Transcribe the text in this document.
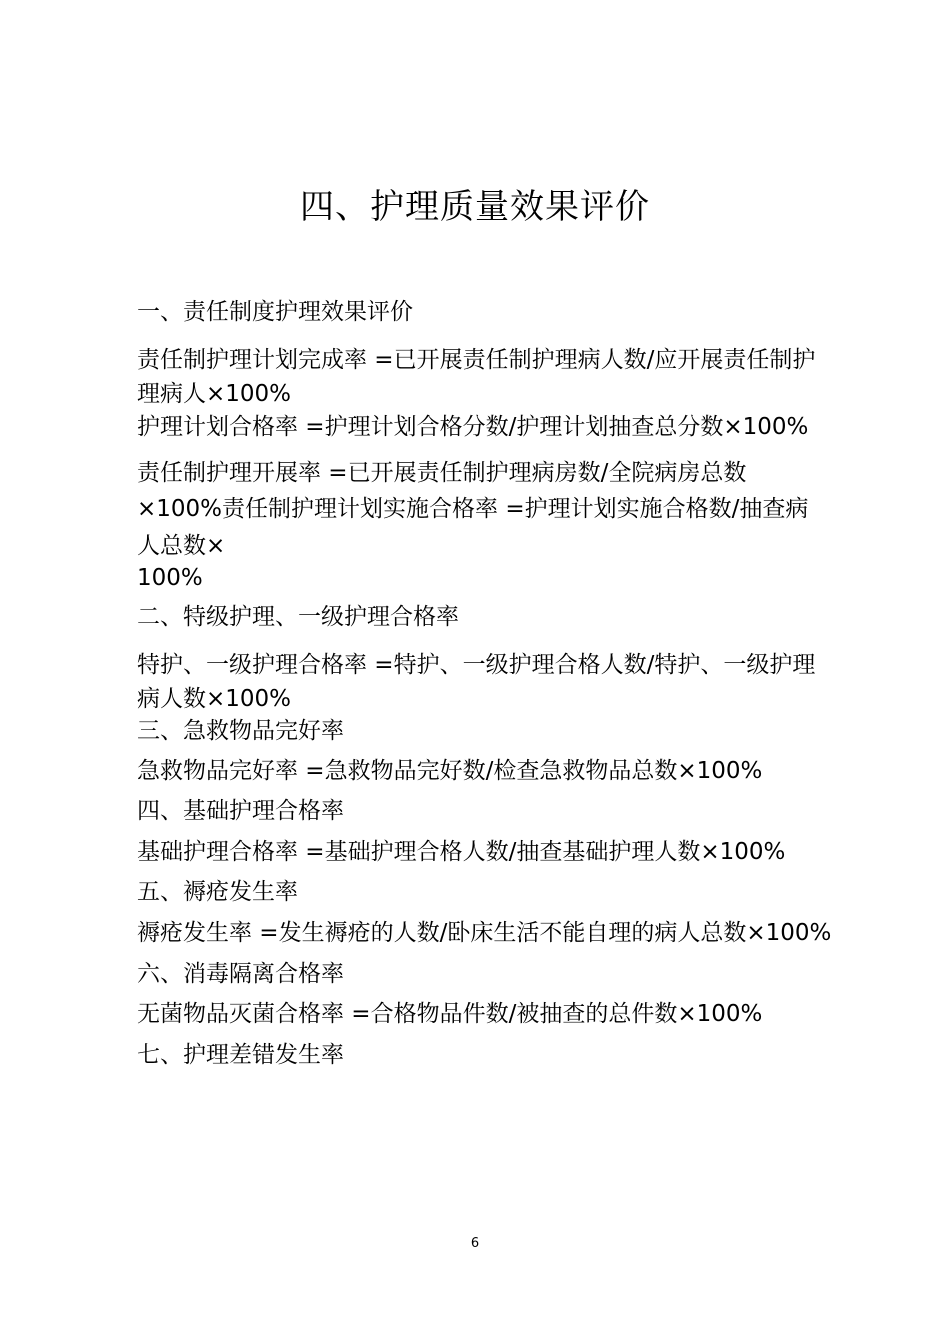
四、护理质量效果评价
一、责任制度护理效果评价
责任制护理计划完成率 =已开展责任制护理病人数/应开展责任制护
理病人×100%
护理计划合格率 =护理计划合格分数/护理计划抽查总分数×100%
责任制护理开展率 =已开展责任制护理病房数/全院病房总数
×100%责任制护理计划实施合格率 =护理计划实施合格数/抽查病
人总数×
100%
二、特级护理、一级护理合格率
特护、一级护理合格率 =特护、一级护理合格人数/特护、一级护理
病人数×100%
三、急救物品完好率
急救物品完好率 =急救物品完好数/检查急救物品总数×100%
四、基础护理合格率
基础护理合格率 =基础护理合格人数/抽查基础护理人数×100%
五、褥疮发生率
褥疮发生率 =发生褥疮的人数/卧床生活不能自理的病人总数×100%
六、消毒隔离合格率
无菌物品灭菌合格率 =合格物品件数/被抽查的总件数×100%
七、护理差错发生率
6
